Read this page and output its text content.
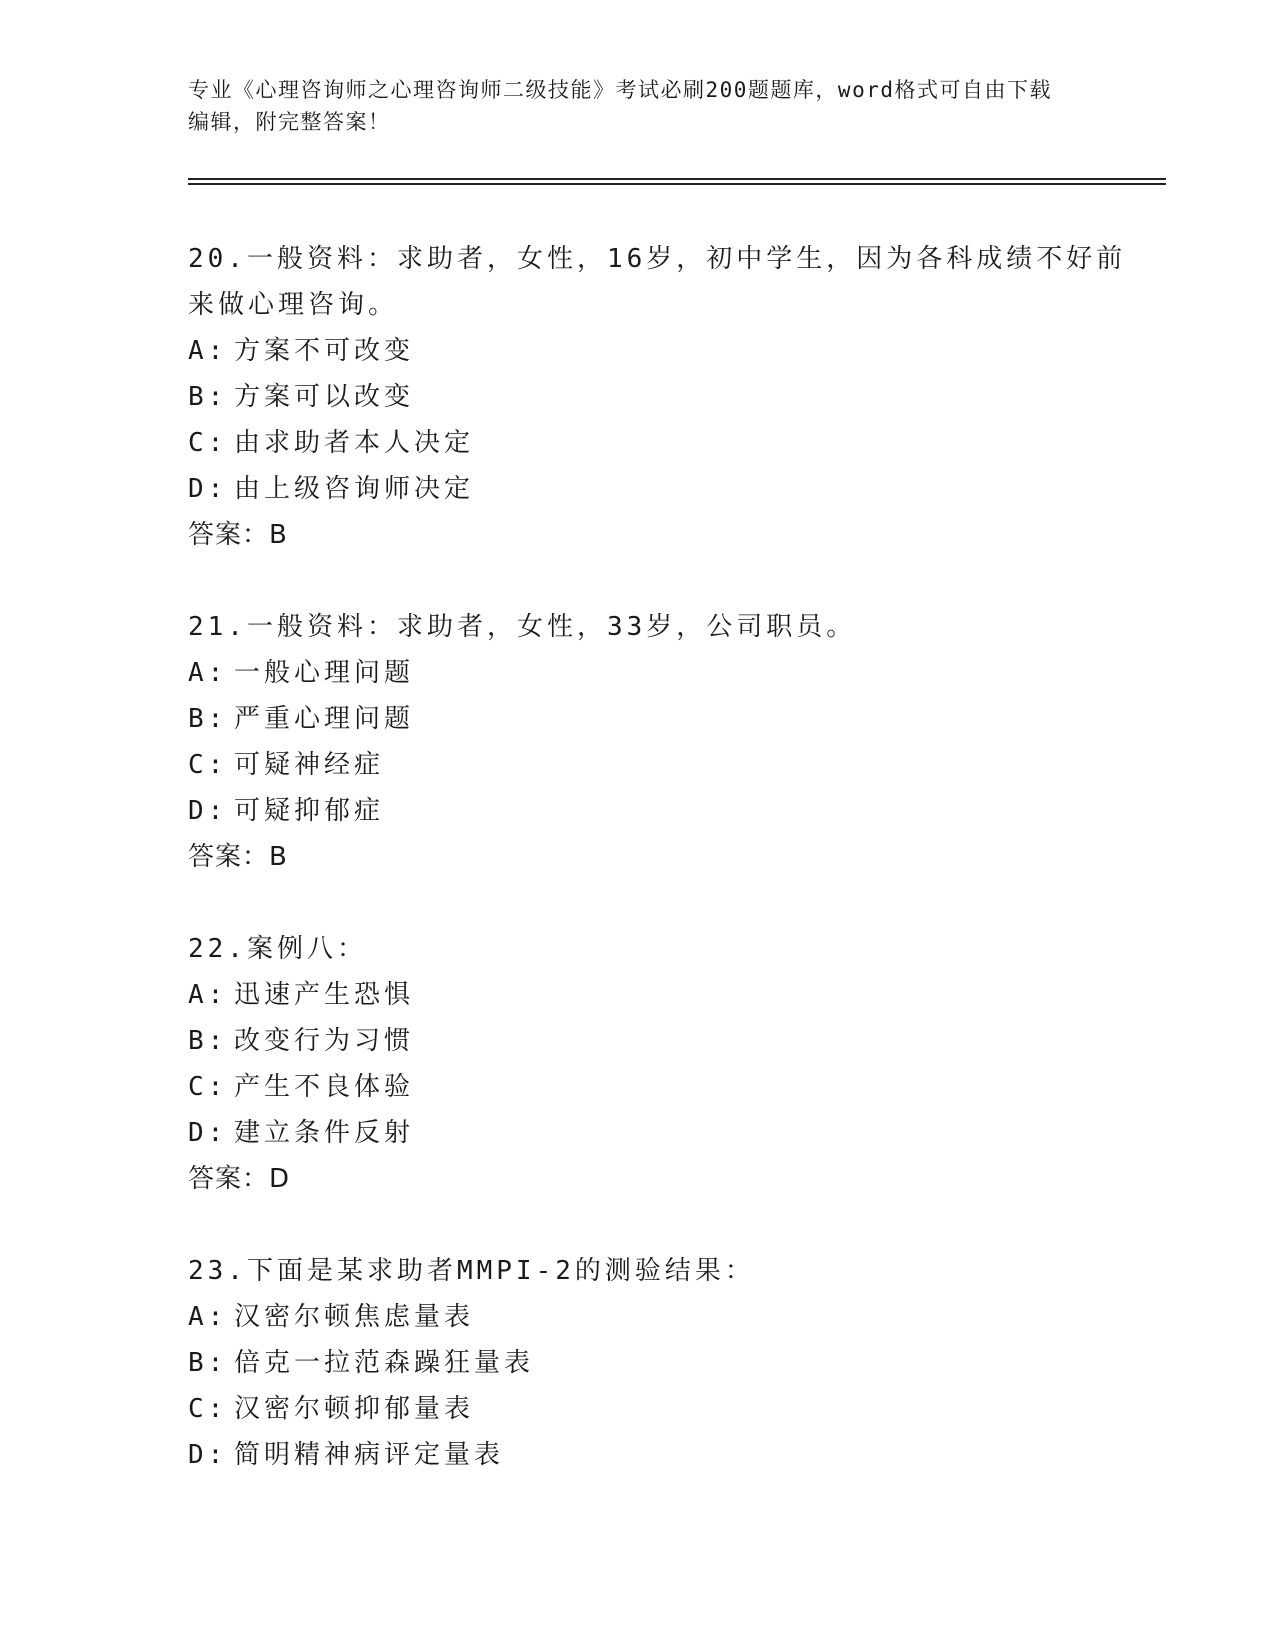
专业《心理咨询师之心理咨询师二级技能》考试必刷200题题库，word格式可自由下载编辑，附完整答案！
20.一般资料：求助者，女性，16岁，初中学生，因为各科成绩不好前来做心理咨询。
A: 方案不可改变
B: 方案可以改变
C: 由求助者本人决定
D: 由上级咨询师决定
答案：B
21.一般资料：求助者，女性，33岁，公司职员。
A: 一般心理问题
B: 严重心理问题
C: 可疑神经症
D: 可疑抑郁症
答案：B
22.案例八：
A: 迅速产生恐惧
B: 改变行为习惯
C: 产生不良体验
D: 建立条件反射
答案：D
23.下面是某求助者MMPI-2的测验结果：
A: 汉密尔顿焦虑量表
B: 倍克一拉范森躁狂量表
C: 汉密尔顿抑郁量表
D: 简明精神病评定量表
